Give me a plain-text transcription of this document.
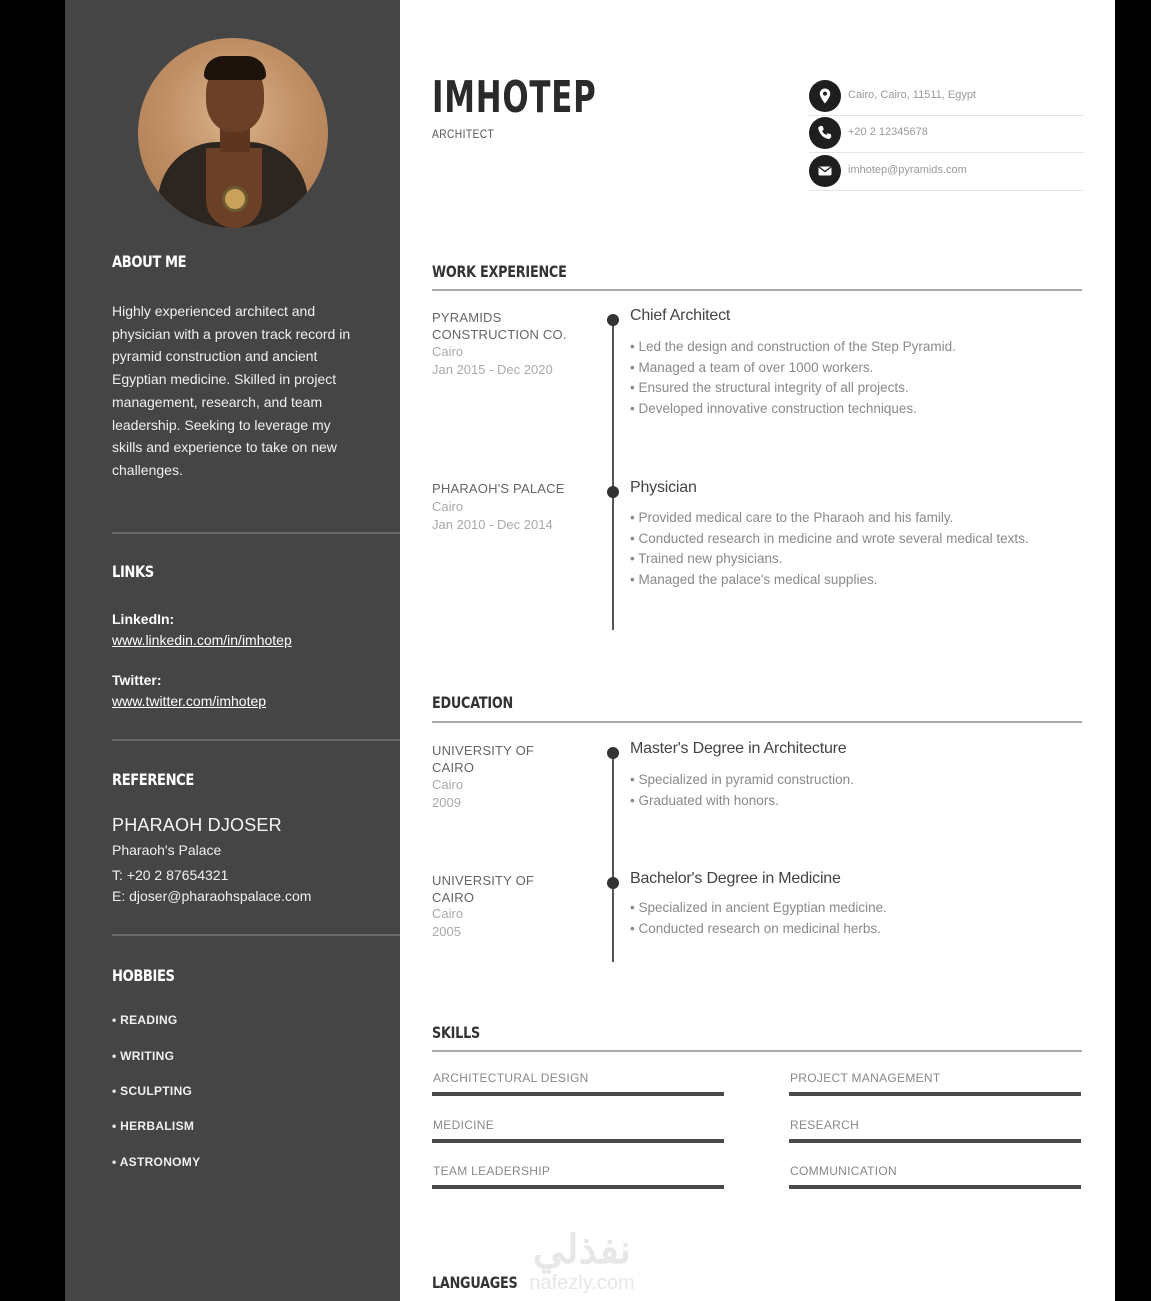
ABOUT ME
Highly experienced architect and physician with a proven track record in pyramid construction and ancient Egyptian medicine. Skilled in project management, research, and team leadership. Seeking to leverage my skills and experience to take on new challenges.
LINKS
LinkedIn:
www.linkedin.com/in/imhotep
Twitter:
www.twitter.com/imhotep
REFERENCE
PHARAOH DJOSER
Pharaoh's Palace
T: +20 2 87654321
E: djoser@pharaohspalace.com
HOBBIES
• READING
• WRITING
• SCULPTING
• HERBALISM
• ASTRONOMY
IMHOTEP
ARCHITECT
Cairo, Cairo, 11511, Egypt
+20 2 12345678
imhotep@pyramids.com
WORK EXPERIENCE
PYRAMIDS CONSTRUCTION CO.
Cairo
Jan 2015 - Dec 2020
Chief Architect
• Led the design and construction of the Step Pyramid.
• Managed a team of over 1000 workers.
• Ensured the structural integrity of all projects.
• Developed innovative construction techniques.
PHARAOH'S PALACE
Cairo
Jan 2010 - Dec 2014
Physician
• Provided medical care to the Pharaoh and his family.
• Conducted research in medicine and wrote several medical texts.
• Trained new physicians.
• Managed the palace's medical supplies.
EDUCATION
UNIVERSITY OF CAIRO
Cairo
2009
Master's Degree in Architecture
• Specialized in pyramid construction.
• Graduated with honors.
UNIVERSITY OF CAIRO
Cairo
2005
Bachelor's Degree in Medicine
• Specialized in ancient Egyptian medicine.
• Conducted research on medicinal herbs.
SKILLS
ARCHITECTURAL DESIGN	PROJECT MANAGEMENT
MEDICINE	RESEARCH
TEAM LEADERSHIP	COMMUNICATION
LANGUAGES
نفذلي
nafezly.com
